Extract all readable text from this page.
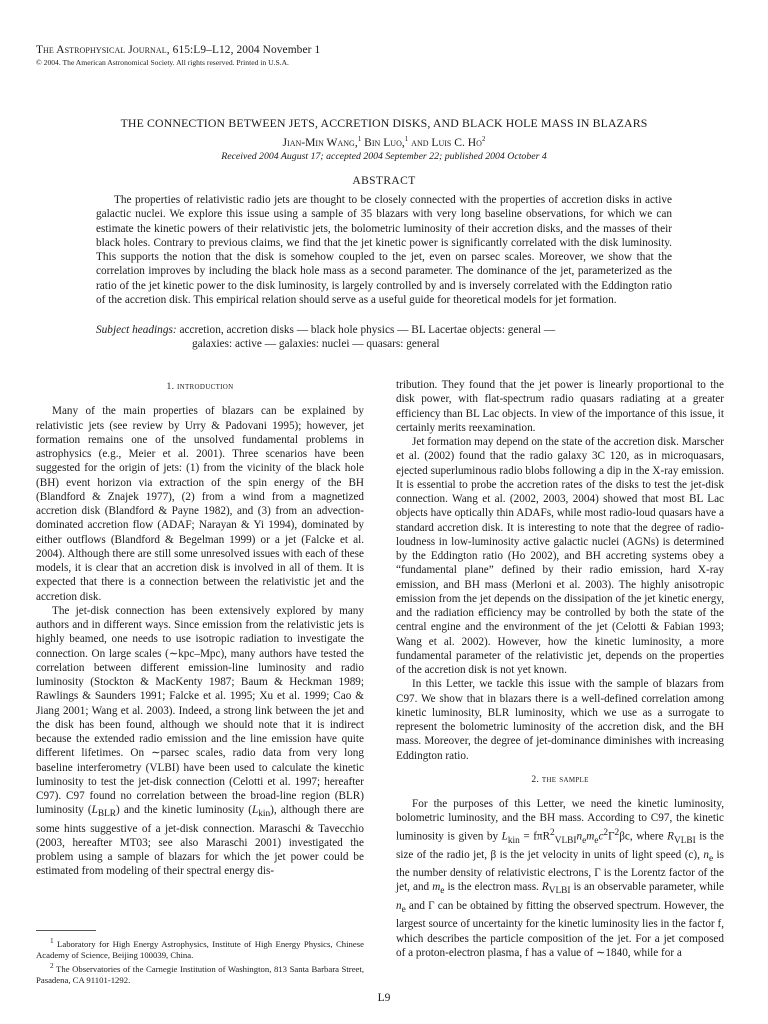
The Astrophysical Journal, 615:L9–L12, 2004 November 1
© 2004. The American Astronomical Society. All rights reserved. Printed in U.S.A.
THE CONNECTION BETWEEN JETS, ACCRETION DISKS, AND BLACK HOLE MASS IN BLAZARS
Jian-Min Wang,$^1$ Bin Luo,$^1$ and Luis C. Ho$^2$
Received 2004 August 17; accepted 2004 September 22; published 2004 October 4
ABSTRACT

The properties of relativistic radio jets are thought to be closely connected with the properties of accretion disks in active galactic nuclei. We explore this issue using a sample of 35 blazars with very long baseline observations, for which we can estimate the kinetic powers of their relativistic jets, the bolometric luminosity of their accretion disks, and the masses of their black holes. Contrary to previous claims, we find that the jet kinetic power is significantly correlated with the disk luminosity. This supports the notion that the disk is somehow coupled to the jet, even on parsec scales. Moreover, we show that the correlation improves by including the black hole mass as a second parameter. The dominance of the jet, parameterized as the ratio of the jet kinetic power to the disk luminosity, is largely controlled by and is inversely correlated with the Eddington ratio of the accretion disk. This empirical relation should serve as a useful guide for theoretical models for jet formation.

Subject headings: accretion, accretion disks — black hole physics — BL Lacertae objects: general —
galaxies: active — galaxies: nuclei — quasars: general
1. introduction

Many of the main properties of blazars can be explained by relativistic jets (see review by Urry & Padovani 1995); however, jet formation remains one of the unsolved fundamental problems in astrophysics (e.g., Meier et al. 2001). Three scenarios have been suggested for the origin of jets: (1) from the vicinity of the black hole (BH) event horizon via extraction of the spin energy of the BH (Blandford & Znajek 1977), (2) from a wind from a magnetized accretion disk (Blandford & Payne 1982), and (3) from an advection-dominated accretion flow (ADAF; Narayan & Yi 1994), dominated by either outflows (Blandford & Begelman 1999) or a jet (Falcke et al. 2004). Although there are still some unresolved issues with each of these models, it is clear that an accretion disk is involved in all of them. It is expected that there is a connection between the relativistic jet and the accretion disk.

The jet-disk connection has been extensively explored by many authors and in different ways. Since emission from the relativistic jets is highly beamed, one needs to use isotropic radiation to investigate the connection. On large scales (∼kpc–Mpc), many authors have tested the correlation between different emission-line luminosity and radio luminosity (Stockton & MacKenty 1987; Baum & Heckman 1989; Rawlings & Saunders 1991; Falcke et al. 1995; Xu et al. 1999; Cao & Jiang 2001; Wang et al. 2003). Indeed, a strong link between the jet and the disk has been found, although we should note that it is indirect because the extended radio emission and the line emission have quite different lifetimes. On ∼parsec scales, radio data from very long baseline interferometry (VLBI) have been used to calculate the kinetic luminosity to test the jet-disk connection (Celotti et al. 1997; hereafter C97). C97 found no correlation between the broad-line region (BLR) luminosity $(L_{BLR})$ and the kinetic luminosity $(L_{kin})$, although there are some hints suggestive of a jet-disk connection. Maraschi & Tavecchio (2003, hereafter MT03; see also Maraschi 2001) investigated the problem using a sample of blazars for which the jet power could be estimated from modeling of their spectral energy dis-

$^1$ Laboratory for High Energy Astrophysics, Institute of High Energy Physics, Chinese Academy of Science, Beijing 100039, China.

$^2$ The Observatories of the Carnegie Institution of Washington, 813 Santa Barbara Street, Pasadena, CA 91101-1292.

tribution. They found that the jet power is linearly proportional to the disk power, with flat-spectrum radio quasars radiating at a greater efficiency than BL Lac objects. In view of the importance of this issue, it certainly merits reexamination.

Jet formation may depend on the state of the accretion disk. Marscher et al. (2002) found that the radio galaxy 3C 120, as in microquasars, ejected superluminous radio blobs following a dip in the X-ray emission. It is essential to probe the accretion rates of the disks to test the jet-disk connection. Wang et al. (2002, 2003, 2004) showed that most BL Lac objects have optically thin ADAFs, while most radio-loud quasars have a standard accretion disk. It is interesting to note that the degree of radio-loudness in low-luminosity active galactic nuclei (AGNs) is determined by the Eddington ratio (Ho 2002), and BH accreting systems obey a “fundamental plane” defined by their radio emission, hard X-ray emission, and BH mass (Merloni et al. 2003). The highly anisotropic emission from the jet depends on the dissipation of the jet kinetic energy, and the radiation efficiency may be controlled by both the state of the central engine and the environment of the jet (Celotti & Fabian 1993; Wang et al. 2002). However, how the kinetic luminosity, a more fundamental parameter of the relativistic jet, depends on the properties of the accretion disk is not yet known.

In this Letter, we tackle this issue with the sample of blazars from C97. We show that in blazars there is a well-defined correlation among kinetic luminosity, BLR luminosity, which we use as a surrogate to represent the bolometric luminosity of the accretion disk, and the BH mass. Moreover, the degree of jet-dominance diminishes with increasing Eddington ratio.

2. the sample

For the purposes of this Letter, we need the kinetic luminosity, bolometric luminosity, and the BH mass. According to C97, the kinetic luminosity is given by $L_{kin} = f\pi R^2_{VLBI}n_em_ec^2\Gamma^2\beta c$, where $R_{VLBI}$ is the size of the radio jet, β is the jet velocity in units of light speed (c), $n_e$ is the number density of relativistic electrons, Γ is the Lorentz factor of the jet, and $m_e$ is the electron mass. $R_{VLBI}$ is an observable parameter, while $n_e$ and Γ can be obtained by fitting the observed spectrum. However, the largest source of uncertainty for the kinetic luminosity lies in the factor f, which describes the particle composition of the jet. For a jet composed of a proton-electron plasma, f has a value of ∼1840, while for a

L9
